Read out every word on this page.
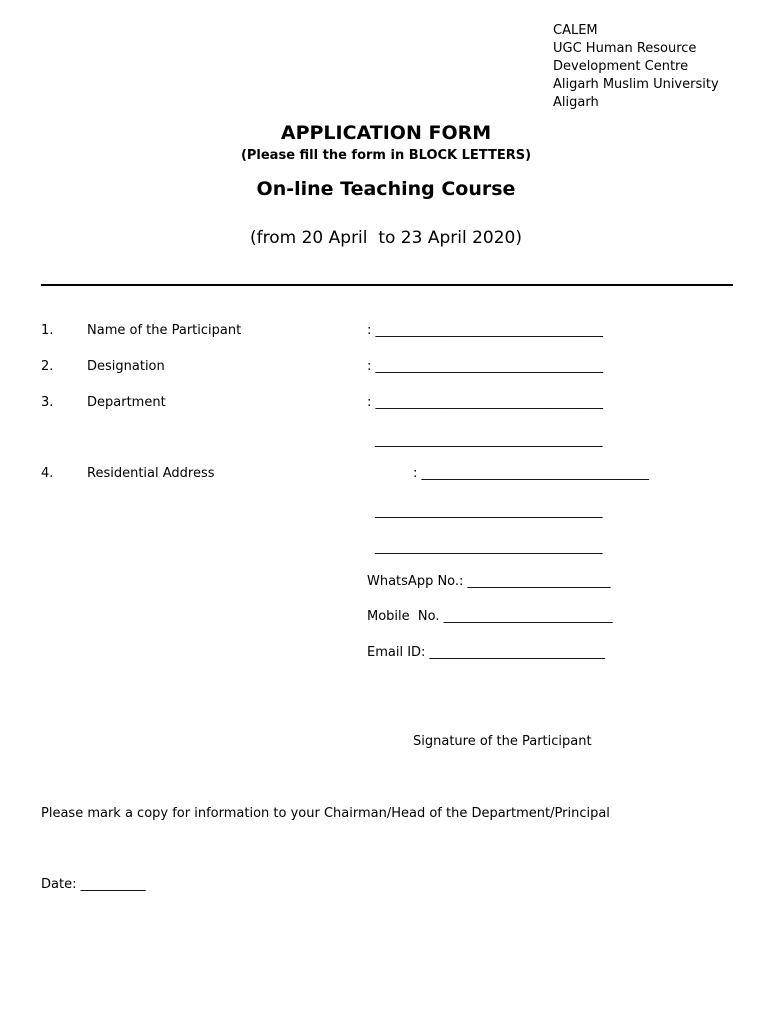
CALEM
UGC Human Resource
Development Centre
Aligarh Muslim University
Aligarh
APPLICATION FORM
(Please fill the form in BLOCK LETTERS)
On-line Teaching Course
(from 20 April  to 23 April 2020)
1.	Name of the Participant	: ___________________________________
2.	Designation	: ___________________________________
3.	Department	: ___________________________________
___________________________________
4.	Residential Address	: ___________________________________
___________________________________
___________________________________
WhatsApp No.: ______________________
Mobile  No. __________________________
Email ID: ___________________________
Signature of the Participant
Please mark a copy for information to your Chairman/Head of the Department/Principal
Date: __________
